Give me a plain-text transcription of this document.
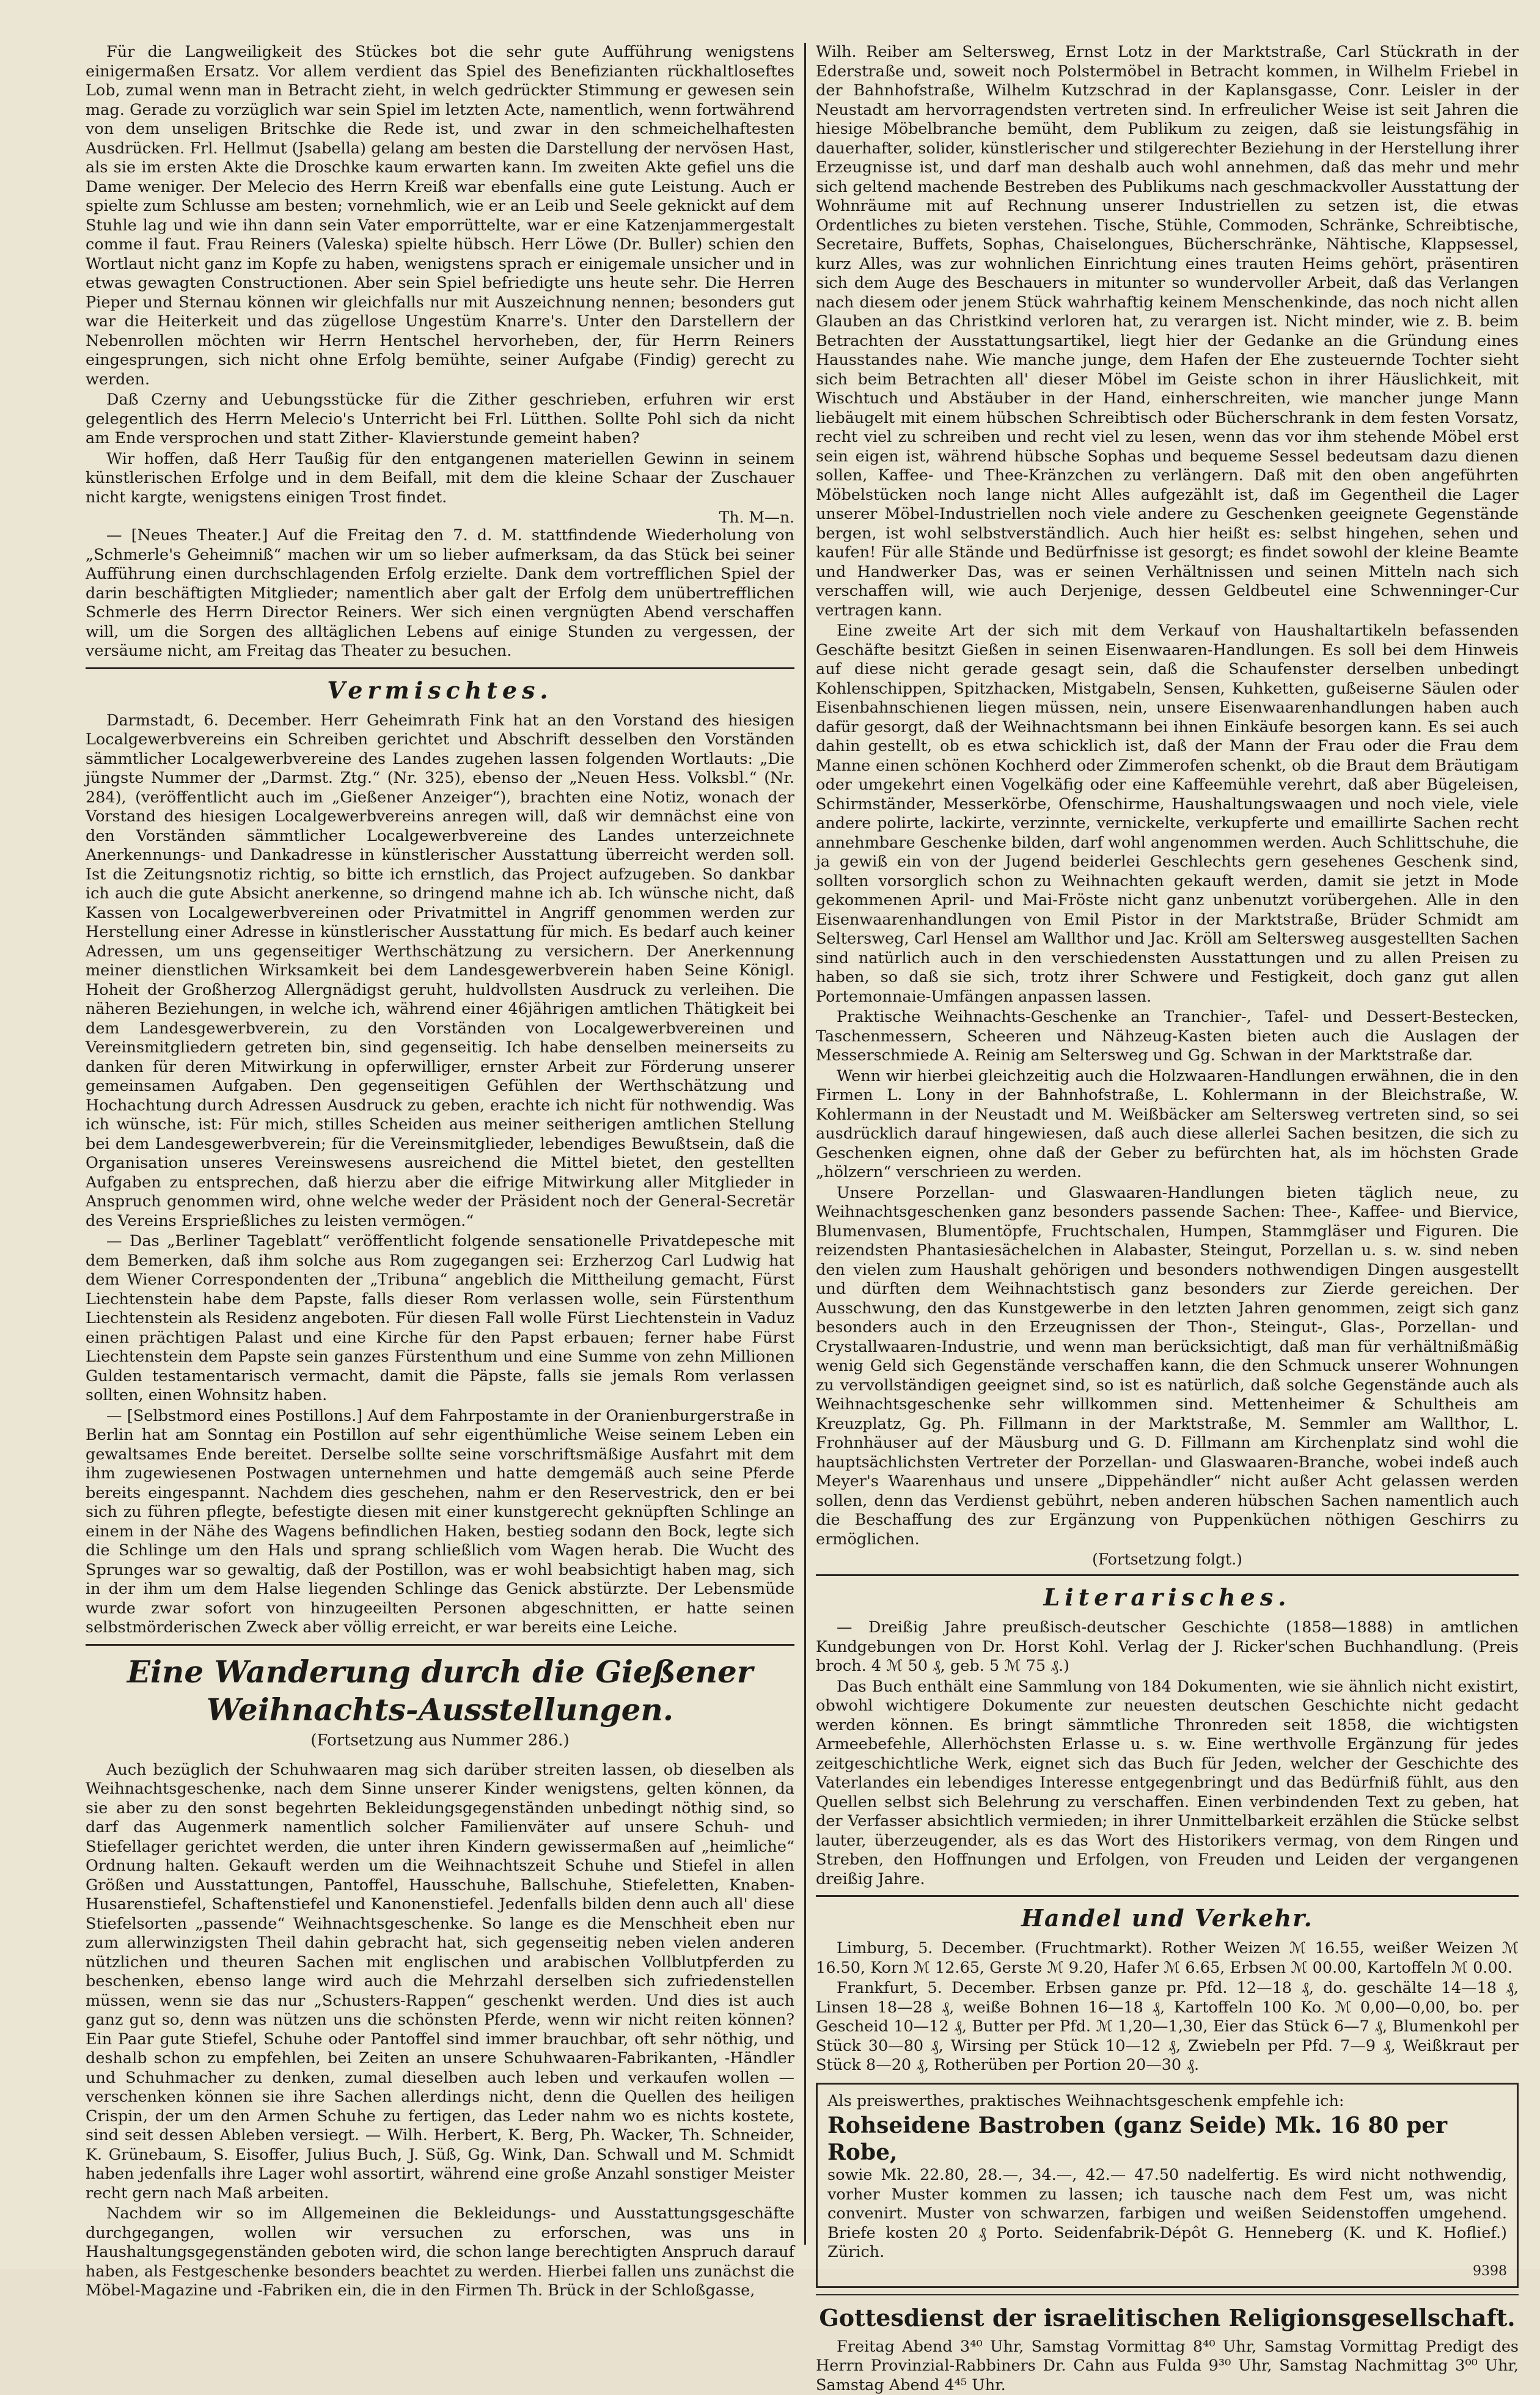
Für die Langweiligkeit des Stückes bot die sehr gute Aufführung wenigstens einigermaßen Ersatz. Vor allem verdient das Spiel des Benefizianten rückhaltloseftes Lob, zumal wenn man in Betracht zieht, in welch gedrückter Stimmung er gewesen sein mag. Gerade zu vorzüglich war sein Spiel im letzten Acte, namentlich, wenn fortwährend von dem unseligen Britschke die Rede ist, und zwar in den schmeichelhaftesten Ausdrücken. Frl. Hellmut (Jsabella) gelang am besten die Darstellung der nervösen Hast, als sie im ersten Akte die Droschke kaum erwarten kann. Im zweiten Akte gefiel uns die Dame weniger. Der Melecio des Herrn Kreiß war ebenfalls eine gute Leistung. Auch er spielte zum Schlusse am besten; vornehmlich, wie er an Leib und Seele geknickt auf dem Stuhle lag und wie ihn dann sein Vater emporrüttelte, war er eine Katzenjammergestalt comme il faut. Frau Reiners (Valeska) spielte hübsch. Herr Löwe (Dr. Buller) schien den Wortlaut nicht ganz im Kopfe zu haben, wenigstens sprach er einigemale unsicher und in etwas gewagten Constructionen. Aber sein Spiel befriedigte uns heute sehr. Die Herren Pieper und Sternau können wir gleichfalls nur mit Auszeichnung nennen; besonders gut war die Heiterkeit und das zügellose Ungestüm Knarre's. Unter den Darstellern der Nebenrollen möchten wir Herrn Hentschel hervorheben, der, für Herrn Reiners eingesprungen, sich nicht ohne Erfolg bemühte, seiner Aufgabe (Findig) gerecht zu werden.

Daß Czerny and Uebungsstücke für die Zither geschrieben, erfuhren wir erst gelegentlich des Herrn Melecio's Unterricht bei Frl. Lütthen. Sollte Pohl sich da nicht am Ende versprochen und statt Zither- Klavierstunde gemeint haben?

Wir hoffen, daß Herr Taußig für den entgangenen materiellen Gewinn in seinem künstlerischen Erfolge und in dem Beifall, mit dem die kleine Schaar der Zuschauer nicht kargte, wenigstens einigen Trost findet.

Th. M—n.

— [Neues Theater.] Auf die Freitag den 7. d. M. stattfindende Wiederholung von „Schmerle's Geheimniß“ machen wir um so lieber aufmerksam, da das Stück bei seiner Aufführung einen durchschlagenden Erfolg erzielte. Dank dem vortrefflichen Spiel der darin beschäftigten Mitglieder; namentlich aber galt der Erfolg dem unübertrefflichen Schmerle des Herrn Director Reiners. Wer sich einen vergnügten Abend verschaffen will, um die Sorgen des alltäglichen Lebens auf einige Stunden zu vergessen, der versäume nicht, am Freitag das Theater zu besuchen.

Vermischtes.

Darmstadt, 6. December. Herr Geheimrath Fink hat an den Vorstand des hiesigen Localgewerbvereins ein Schreiben gerichtet und Abschrift desselben den Vorständen sämmtlicher Localgewerbvereine des Landes zugehen lassen folgenden Wortlauts: „Die jüngste Nummer der „Darmst. Ztg.“ (Nr. 325), ebenso der „Neuen Hess. Volksbl.“ (Nr. 284), (veröffentlicht auch im „Gießener Anzeiger“), brachten eine Notiz, wonach der Vorstand des hiesigen Localgewerbvereins anregen will, daß wir demnächst eine von den Vorständen sämmtlicher Localgewerbvereine des Landes unterzeichnete Anerkennungs- und Dankadresse in künstlerischer Ausstattung überreicht werden soll. Ist die Zeitungsnotiz richtig, so bitte ich ernstlich, das Project aufzugeben. So dankbar ich auch die gute Absicht anerkenne, so dringend mahne ich ab. Ich wünsche nicht, daß Kassen von Localgewerbvereinen oder Privatmittel in Angriff genommen werden zur Herstellung einer Adresse in künstlerischer Ausstattung für mich. Es bedarf auch keiner Adressen, um uns gegenseitiger Werthschätzung zu versichern. Der Anerkennung meiner dienstlichen Wirksamkeit bei dem Landesgewerbverein haben Seine Königl. Hoheit der Großherzog Allergnädigst geruht, huldvollsten Ausdruck zu verleihen. Die näheren Beziehungen, in welche ich, während einer 46jährigen amtlichen Thätigkeit bei dem Landesgewerbverein, zu den Vorständen von Localgewerbvereinen und Vereinsmitgliedern getreten bin, sind gegenseitig. Ich habe denselben meinerseits zu danken für deren Mitwirkung in opferwilliger, ernster Arbeit zur Förderung unserer gemeinsamen Aufgaben. Den gegenseitigen Gefühlen der Werthschätzung und Hochachtung durch Adressen Ausdruck zu geben, erachte ich nicht für nothwendig. Was ich wünsche, ist: Für mich, stilles Scheiden aus meiner seitherigen amtlichen Stellung bei dem Landesgewerbverein; für die Vereinsmitglieder, lebendiges Bewußtsein, daß die Organisation unseres Vereinswesens ausreichend die Mittel bietet, den gestellten Aufgaben zu entsprechen, daß hierzu aber die eifrige Mitwirkung aller Mitglieder in Anspruch genommen wird, ohne welche weder der Präsident noch der General-Secretär des Vereins Ersprießliches zu leisten vermögen.“

— Das „Berliner Tageblatt“ veröffentlicht folgende sensationelle Privatdepesche mit dem Bemerken, daß ihm solche aus Rom zugegangen sei: Erzherzog Carl Ludwig hat dem Wiener Correspondenten der „Tribuna“ angeblich die Mittheilung gemacht, Fürst Liechtenstein habe dem Papste, falls dieser Rom verlassen wolle, sein Fürstenthum Liechtenstein als Residenz angeboten. Für diesen Fall wolle Fürst Liechtenstein in Vaduz einen prächtigen Palast und eine Kirche für den Papst erbauen; ferner habe Fürst Liechtenstein dem Papste sein ganzes Fürstenthum und eine Summe von zehn Millionen Gulden testamentarisch vermacht, damit die Päpste, falls sie jemals Rom verlassen sollten, einen Wohnsitz haben.

— [Selbstmord eines Postillons.] Auf dem Fahrpostamte in der Oranienburgerstraße in Berlin hat am Sonntag ein Postillon auf sehr eigenthümliche Weise seinem Leben ein gewaltsames Ende bereitet. Derselbe sollte seine vorschriftsmäßige Ausfahrt mit dem ihm zugewiesenen Postwagen unternehmen und hatte demgemäß auch seine Pferde bereits eingespannt. Nachdem dies geschehen, nahm er den Reservestrick, den er bei sich zu führen pflegte, befestigte diesen mit einer kunstgerecht geknüpften Schlinge an einem in der Nähe des Wagens befindlichen Haken, bestieg sodann den Bock, legte sich die Schlinge um den Hals und sprang schließlich vom Wagen herab. Die Wucht des Sprunges war so gewaltig, daß der Postillon, was er wohl beabsichtigt haben mag, sich in der ihm um dem Halse liegenden Schlinge das Genick abstürzte. Der Lebensmüde wurde zwar sofort von hinzugeeilten Personen abgeschnitten, er hatte seinen selbstmörderischen Zweck aber völlig erreicht, er war bereits eine Leiche.

Eine Wanderung durch die Gießener Weihnachts-Ausstellungen.
(Fortsetzung aus Nummer 286.)

Auch bezüglich der Schuhwaaren mag sich darüber streiten lassen, ob dieselben als Weihnachtsgeschenke, nach dem Sinne unserer Kinder wenigstens, gelten können, da sie aber zu den sonst begehrten Bekleidungsgegenständen unbedingt nöthig sind, so darf das Augenmerk namentlich solcher Familienväter auf unsere Schuh- und Stiefellager gerichtet werden, die unter ihren Kindern gewissermaßen auf „heimliche“ Ordnung halten. Gekauft werden um die Weihnachtszeit Schuhe und Stiefel in allen Größen und Ausstattungen, Pantoffel, Hausschuhe, Ballschuhe, Stiefeletten, Knaben-Husarenstiefel, Schaftenstiefel und Kanonenstiefel. Jedenfalls bilden denn auch all' diese Stiefelsorten „passende“ Weihnachtsgeschenke. So lange es die Menschheit eben nur zum allerwinzigsten Theil dahin gebracht hat, sich gegenseitig neben vielen anderen nützlichen und theuren Sachen mit englischen und arabischen Vollblutpferden zu beschenken, ebenso lange wird auch die Mehrzahl derselben sich zufriedenstellen müssen, wenn sie das nur „Schusters-Rappen“ geschenkt werden. Und dies ist auch ganz gut so, denn was nützen uns die schönsten Pferde, wenn wir nicht reiten können? Ein Paar gute Stiefel, Schuhe oder Pantoffel sind immer brauchbar, oft sehr nöthig, und deshalb schon zu empfehlen, bei Zeiten an unsere Schuhwaaren-Fabrikanten, -Händler und Schuhmacher zu denken, zumal dieselben auch leben und verkaufen wollen — verschenken können sie ihre Sachen allerdings nicht, denn die Quellen des heiligen Crispin, der um den Armen Schuhe zu fertigen, das Leder nahm wo es nichts kostete, sind seit dessen Ableben versiegt. — Wilh. Herbert, K. Berg, Ph. Wacker, Th. Schneider, K. Grünebaum, S. Eisoffer, Julius Buch, J. Süß, Gg. Wink, Dan. Schwall und M. Schmidt haben jedenfalls ihre Lager wohl assortirt, während eine große Anzahl sonstiger Meister recht gern nach Maß arbeiten.

Nachdem wir so im Allgemeinen die Bekleidungs- und Ausstattungsgeschäfte durchgegangen, wollen wir versuchen zu erforschen, was uns in Haushaltungsgegenständen geboten wird, die schon lange berechtigten Anspruch darauf haben, als Festgeschenke besonders beachtet zu werden. Hierbei fallen uns zunächst die Möbel-Magazine und -Fabriken ein, die in den Firmen Th. Brück in der Schloßgasse,

Wilh. Reiber am Seltersweg, Ernst Lotz in der Marktstraße, Carl Stückrath in der Ederstraße und, soweit noch Polstermöbel in Betracht kommen, in Wilhelm Friebel in der Bahnhofstraße, Wilhelm Kutzschrad in der Kaplansgasse, Conr. Leisler in der Neustadt am hervorragendsten vertreten sind. In erfreulicher Weise ist seit Jahren die hiesige Möbelbranche bemüht, dem Publikum zu zeigen, daß sie leistungsfähig in dauerhafter, solider, künstlerischer und stilgerechter Beziehung in der Herstellung ihrer Erzeugnisse ist, und darf man deshalb auch wohl annehmen, daß das mehr und mehr sich geltend machende Bestreben des Publikums nach geschmackvoller Ausstattung der Wohnräume mit auf Rechnung unserer Industriellen zu setzen ist, die etwas Ordentliches zu bieten verstehen. Tische, Stühle, Commoden, Schränke, Schreibtische, Secretaire, Buffets, Sophas, Chaiselongues, Bücherschränke, Nähtische, Klappsessel, kurz Alles, was zur wohnlichen Einrichtung eines trauten Heims gehört, präsentiren sich dem Auge des Beschauers in mitunter so wundervoller Arbeit, daß das Verlangen nach diesem oder jenem Stück wahrhaftig keinem Menschenkinde, das noch nicht allen Glauben an das Christkind verloren hat, zu verargen ist. Nicht minder, wie z. B. beim Betrachten der Ausstattungsartikel, liegt hier der Gedanke an die Gründung eines Hausstandes nahe. Wie manche junge, dem Hafen der Ehe zusteuernde Tochter sieht sich beim Betrachten all' dieser Möbel im Geiste schon in ihrer Häuslichkeit, mit Wischtuch und Abstäuber in der Hand, einherschreiten, wie mancher junge Mann liebäugelt mit einem hübschen Schreibtisch oder Bücherschrank in dem festen Vorsatz, recht viel zu schreiben und recht viel zu lesen, wenn das vor ihm stehende Möbel erst sein eigen ist, während hübsche Sophas und bequeme Sessel bedeutsam dazu dienen sollen, Kaffee- und Thee-Kränzchen zu verlängern. Daß mit den oben angeführten Möbelstücken noch lange nicht Alles aufgezählt ist, daß im Gegentheil die Lager unserer Möbel-Industriellen noch viele andere zu Geschenken geeignete Gegenstände bergen, ist wohl selbstverständlich. Auch hier heißt es: selbst hingehen, sehen und kaufen! Für alle Stände und Bedürfnisse ist gesorgt; es findet sowohl der kleine Beamte und Handwerker Das, was er seinen Verhältnissen und seinen Mitteln nach sich verschaffen will, wie auch Derjenige, dessen Geldbeutel eine Schwenninger-Cur vertragen kann.

Eine zweite Art der sich mit dem Verkauf von Haushaltartikeln befassenden Geschäfte besitzt Gießen in seinen Eisenwaaren-Handlungen. Es soll bei dem Hinweis auf diese nicht gerade gesagt sein, daß die Schaufenster derselben unbedingt Kohlenschippen, Spitzhacken, Mistgabeln, Sensen, Kuhketten, gußeiserne Säulen oder Eisenbahnschienen liegen müssen, nein, unsere Eisenwaarenhandlungen haben auch dafür gesorgt, daß der Weihnachtsmann bei ihnen Einkäufe besorgen kann. Es sei auch dahin gestellt, ob es etwa schicklich ist, daß der Mann der Frau oder die Frau dem Manne einen schönen Kochherd oder Zimmerofen schenkt, ob die Braut dem Bräutigam oder umgekehrt einen Vogelkäfig oder eine Kaffeemühle verehrt, daß aber Bügeleisen, Schirmständer, Messerkörbe, Ofenschirme, Haushaltungswaagen und noch viele, viele andere polirte, lackirte, verzinnte, vernickelte, verkupferte und emaillirte Sachen recht annehmbare Geschenke bilden, darf wohl angenommen werden. Auch Schlittschuhe, die ja gewiß ein von der Jugend beiderlei Geschlechts gern gesehenes Geschenk sind, sollten vorsorglich schon zu Weihnachten gekauft werden, damit sie jetzt in Mode gekommenen April- und Mai-Fröste nicht ganz unbenutzt vorübergehen. Alle in den Eisenwaarenhandlungen von Emil Pistor in der Marktstraße, Brüder Schmidt am Seltersweg, Carl Hensel am Wallthor und Jac. Kröll am Seltersweg ausgestellten Sachen sind natürlich auch in den verschiedensten Ausstattungen und zu allen Preisen zu haben, so daß sie sich, trotz ihrer Schwere und Festigkeit, doch ganz gut allen Portemonnaie-Umfängen anpassen lassen.

Praktische Weihnachts-Geschenke an Tranchier-, Tafel- und Dessert-Bestecken, Taschenmessern, Scheeren und Nähzeug-Kasten bieten auch die Auslagen der Messerschmiede A. Reinig am Seltersweg und Gg. Schwan in der Marktstraße dar.

Wenn wir hierbei gleichzeitig auch die Holzwaaren-Handlungen erwähnen, die in den Firmen L. Lony in der Bahnhofstraße, L. Kohlermann in der Bleichstraße, W. Kohlermann in der Neustadt und M. Weißbäcker am Seltersweg vertreten sind, so sei ausdrücklich darauf hingewiesen, daß auch diese allerlei Sachen besitzen, die sich zu Geschenken eignen, ohne daß der Geber zu befürchten hat, als im höchsten Grade „hölzern“ verschrieen zu werden.

Unsere Porzellan- und Glaswaaren-Handlungen bieten täglich neue, zu Weihnachtsgeschenken ganz besonders passende Sachen: Thee-, Kaffee- und Biervice, Blumenvasen, Blumentöpfe, Fruchtschalen, Humpen, Stammgläser und Figuren. Die reizendsten Phantasiesächelchen in Alabaster, Steingut, Porzellan u. s. w. sind neben den vielen zum Haushalt gehörigen und besonders nothwendigen Dingen ausgestellt und dürften dem Weihnachtstisch ganz besonders zur Zierde gereichen. Der Ausschwung, den das Kunstgewerbe in den letzten Jahren genommen, zeigt sich ganz besonders auch in den Erzeugnissen der Thon-, Steingut-, Glas-, Porzellan- und Crystallwaaren-Industrie, und wenn man berücksichtigt, daß man für verhältnißmäßig wenig Geld sich Gegenstände verschaffen kann, die den Schmuck unserer Wohnungen zu vervollständigen geeignet sind, so ist es natürlich, daß solche Gegenstände auch als Weihnachtsgeschenke sehr willkommen sind. Mettenheimer & Schultheis am Kreuzplatz, Gg. Ph. Fillmann in der Marktstraße, M. Semmler am Wallthor, L. Frohnhäuser auf der Mäusburg und G. D. Fillmann am Kirchenplatz sind wohl die hauptsächlichsten Vertreter der Porzellan- und Glaswaaren-Branche, wobei indeß auch Meyer's Waarenhaus und unsere „Dippehändler“ nicht außer Acht gelassen werden sollen, denn das Verdienst gebührt, neben anderen hübschen Sachen namentlich auch die Beschaffung des zur Ergänzung von Puppenküchen nöthigen Geschirrs zu ermöglichen.

(Fortsetzung folgt.)
Literarisches.

— Dreißig Jahre preußisch-deutscher Geschichte (1858—1888) in amtlichen Kundgebungen von Dr. Horst Kohl. Verlag der J. Ricker'schen Buchhandlung. (Preis broch. 4 ℳ 50 ₰, geb. 5 ℳ 75 ₰.)

Das Buch enthält eine Sammlung von 184 Dokumenten, wie sie ähnlich nicht existirt, obwohl wichtigere Dokumente zur neuesten deutschen Geschichte nicht gedacht werden können. Es bringt sämmtliche Thronreden seit 1858, die wichtigsten Armeebefehle, Allerhöchsten Erlasse u. s. w. Eine werthvolle Ergänzung für jedes zeitgeschichtliche Werk, eignet sich das Buch für Jeden, welcher der Geschichte des Vaterlandes ein lebendiges Interesse entgegenbringt und das Bedürfniß fühlt, aus den Quellen selbst sich Belehrung zu verschaffen. Einen verbindenden Text zu geben, hat der Verfasser absichtlich vermieden; in ihrer Unmittelbarkeit erzählen die Stücke selbst lauter, überzeugender, als es das Wort des Historikers vermag, von dem Ringen und Streben, den Hoffnungen und Erfolgen, von Freuden und Leiden der vergangenen dreißig Jahre.

Handel und Verkehr.

Limburg, 5. December. (Fruchtmarkt). Rother Weizen ℳ 16.55, weißer Weizen ℳ 16.50, Korn ℳ 12.65, Gerste ℳ 9.20, Hafer ℳ 6.65, Erbsen ℳ 00.00, Kartoffeln ℳ 0.00.

Frankfurt, 5. December. Erbsen ganze pr. Pfd. 12—18 ₰, do. geschälte 14—18 ₰, Linsen 18—28 ₰, weiße Bohnen 16—18 ₰, Kartoffeln 100 Ko. ℳ 0,00—0,00, bo. per Gescheid 10—12 ₰, Butter per Pfd. ℳ 1,20—1,30, Eier das Stück 6—7 ₰, Blumenkohl per Stück 30—80 ₰, Wirsing per Stück 10—12 ₰, Zwiebeln per Pfd. 7—9 ₰, Weißkraut per Stück 8—20 ₰, Rotherüben per Portion 20—30 ₰.

Als preiswerthes, praktisches Weihnachtsgeschenk empfehle ich:

Rohseidene Bastroben (ganz Seide) Mk. 16 80 per Robe,

sowie Mk. 22.80, 28.—, 34.—, 42.— 47.50 nadelfertig. Es wird nicht nothwendig, vorher Muster kommen zu lassen; ich tausche nach dem Fest um, was nicht convenirt. Muster von schwarzen, farbigen und weißen Seidenstoffen umgehend. Briefe kosten 20 ₰ Porto. Seidenfabrik-Dépôt G. Henneberg (K. und K. Hoflief.) Zürich.

9398
Gottesdienst der israelitischen Religionsgesellschaft.

Freitag Abend 3⁴⁰ Uhr, Samstag Vormittag 8⁴⁰ Uhr, Samstag Vormittag Predigt des Herrn Provinzial-Rabbiners Dr. Cahn aus Fulda 9³⁰ Uhr, Samstag Nachmittag 3⁰⁰ Uhr, Samstag Abend 4⁴⁵ Uhr.
